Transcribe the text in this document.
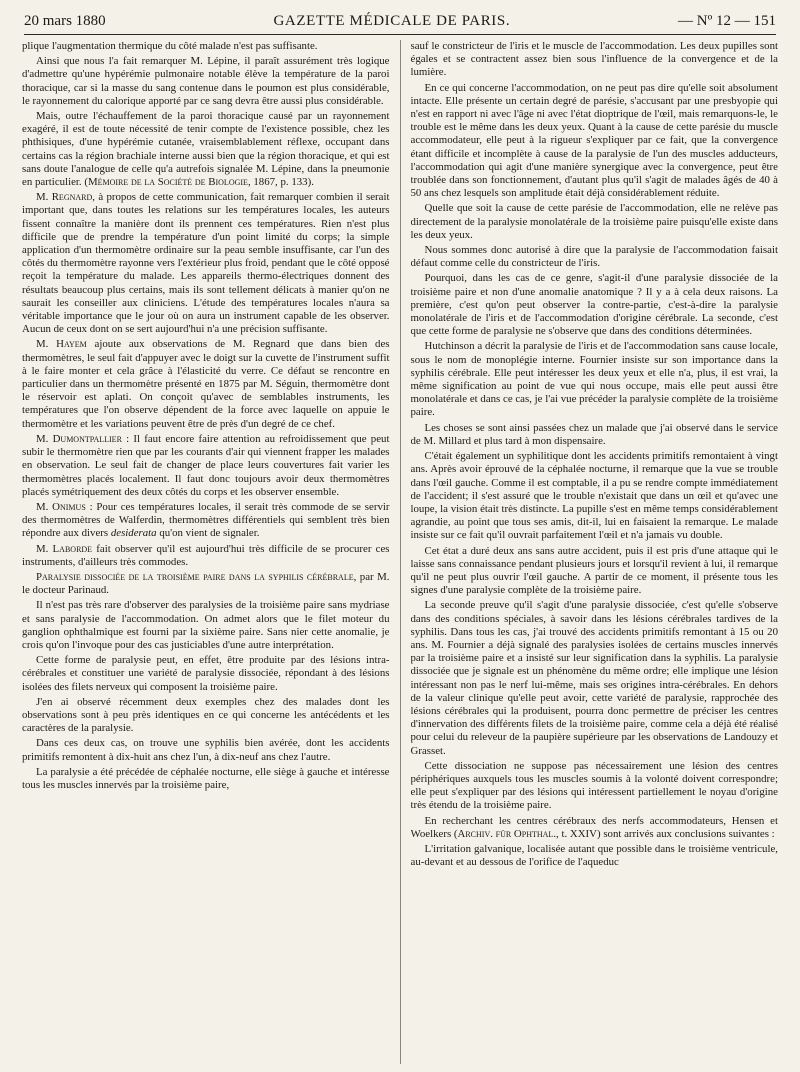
20 mars 1880	GAZETTE MÉDICALE DE PARIS.	— Nº 12 — 151

plique l'augmentation thermique du côté malade n'est pas suffisante.

Ainsi que nous l'a fait remarquer M. Lépine, il paraît assurément très logique d'admettre qu'une hypérémie pulmonaire notable élève la température de la paroi thoracique, car si la masse du sang contenue dans le poumon est plus considérable, le rayonnement du calorique apporté par ce sang devra être aussi plus considérable.

Mais, outre l'échauffement de la paroi thoracique causé par un rayonnement exagéré, il est de toute nécessité de tenir compte de l'existence possible, chez les phthisiques, d'une hypérémie cutanée, vraisemblablement réflexe, occupant dans certains cas la région brachiale interne aussi bien que la région thoracique, et qui est sans doute l'analogue de celle qu'a autrefois signalée M. Lépine, dans la pneumonie en particulier. (Mémoire de la Société de Biologie, 1867, p. 133).

M. Regnard, à propos de cette communication, fait remarquer combien il serait important que, dans toutes les relations sur les températures locales, les auteurs fissent connaître la manière dont ils prennent ces températures. Rien n'est plus difficile que de prendre la température d'un point limité du corps; la simple application d'un thermomètre ordinaire sur la peau semble insuffisante, car l'un des côtés du thermomètre rayonne vers l'extérieur plus froid, pendant que le côté opposé reçoit la température du malade. Les appareils thermo-électriques donnent des résultats beaucoup plus certains, mais ils sont tellement délicats à manier qu'on ne saurait les conseiller aux cliniciens. L'étude des températures locales n'aura sa véritable importance que le jour où on aura un instrument capable de les observer. Aucun de ceux dont on se sert aujourd'hui n'a une précision suffisante.

M. Hayem ajoute aux observations de M. Regnard que dans bien des thermomètres, le seul fait d'appuyer avec le doigt sur la cuvette de l'instrument suffit à le faire monter et cela grâce à l'élasticité du verre. Ce défaut se rencontre en particulier dans un thermomètre présenté en 1875 par M. Séguin, thermomètre dont le réservoir est aplati. On conçoit qu'avec de semblables instruments, les températures que l'on observe dépendent de la force avec laquelle on appuie le thermomètre et les variations peuvent être de près d'un degré de ce chef.

M. Dumontpallier : Il faut encore faire attention au refroidissement que peut subir le thermomètre rien que par les courants d'air qui viennent frapper les malades en observation. Le seul fait de changer de place leurs couvertures fait varier les thermomètres placés localement. Il faut donc toujours avoir deux thermomètres placés symétriquement des deux côtés du corps et les observer ensemble.

M. Onimus : Pour ces températures locales, il serait très commode de se servir des thermomètres de Walferdin, thermomètres différentiels qui semblent très bien répondre aux divers desiderata qu'on vient de signaler.

M. Laborde fait observer qu'il est aujourd'hui très difficile de se procurer ces instruments, d'ailleurs très commodes.

Paralysie dissociée de la troisième paire dans la syphilis cérébrale, par M. le docteur Parinaud.

Il n'est pas très rare d'observer des paralysies de la troisième paire sans mydriase et sans paralysie de l'accommodation. On admet alors que le filet moteur du ganglion ophthalmique est fourni par la sixième paire. Sans nier cette anomalie, je crois qu'on l'invoque pour des cas justiciables d'une autre interprétation.

Cette forme de paralysie peut, en effet, être produite par des lésions intra-cérébrales et constituer une variété de paralysie dissociée, répondant à des lésions isolées des filets nerveux qui composent la troisième paire.

J'en ai observé récemment deux exemples chez des malades dont les observations sont à peu près identiques en ce qui concerne les antécédents et les caractères de la paralysie.

Dans ces deux cas, on trouve une syphilis bien avérée, dont les accidents primitifs remontent à dix-huit ans chez l'un, à dix-neuf ans chez l'autre.

La paralysie a été précédée de céphalée nocturne, elle siège à gauche et intéresse tous les muscles innervés par la troisième paire,

sauf le constricteur de l'iris et le muscle de l'accommodation. Les deux pupilles sont égales et se contractent assez bien sous l'influence de la convergence et de la lumière.

En ce qui concerne l'accommodation, on ne peut pas dire qu'elle soit absolument intacte. Elle présente un certain degré de parésie, s'accusant par une presbyopie qui n'est en rapport ni avec l'âge ni avec l'état dioptrique de l'œil, mais remarquons-le, le trouble est le même dans les deux yeux. Quant à la cause de cette parésie du muscle accommodateur, elle peut à la rigueur s'expliquer par ce fait, que la convergence étant difficile et incomplète à cause de la paralysie de l'un des muscles adducteurs, l'accommodation qui agit d'une manière synergique avec la convergence, peut être troublée dans son fonctionnement, d'autant plus qu'il s'agit de malades âgés de 40 à 50 ans chez lesquels son amplitude était déjà considérablement réduite.

Quelle que soit la cause de cette parésie de l'accommodation, elle ne relève pas directement de la paralysie monolatérale de la troisième paire puisqu'elle existe dans les deux yeux.

Nous sommes donc autorisé à dire que la paralysie de l'accommodation faisait défaut comme celle du constricteur de l'iris.

Pourquoi, dans les cas de ce genre, s'agit-il d'une paralysie dissociée de la troisième paire et non d'une anomalie anatomique ? Il y a à cela deux raisons. La première, c'est qu'on peut observer la contre-partie, c'est-à-dire la paralysie monolatérale de l'iris et de l'accommodation d'origine cérébrale. La seconde, c'est que cette forme de paralysie ne s'observe que dans des conditions déterminées.

Hutchinson a décrit la paralysie de l'iris et de l'accommodation sans cause locale, sous le nom de monoplégie interne. Fournier insiste sur son importance dans la syphilis cérébrale. Elle peut intéresser les deux yeux et elle n'a, plus, il est vrai, la même signification au point de vue qui nous occupe, mais elle peut aussi être monolatérale et dans ce cas, je l'ai vue précéder la paralysie complète de la troisième paire.

Les choses se sont ainsi passées chez un malade que j'ai observé dans le service de M. Millard et plus tard à mon dispensaire.

C'était également un syphilitique dont les accidents primitifs remontaient à vingt ans. Après avoir éprouvé de la céphalée nocturne, il remarque que la vue se trouble dans l'œil gauche. Comme il est comptable, il a pu se rendre compte immédiatement de l'accident; il s'est assuré que le trouble n'existait que dans un œil et qu'avec une loupe, la vision était très distincte. La pupille s'est en même temps considérablement agrandie, au point que tous ses amis, dit-il, lui en faisaient la remarque. Le malade insiste sur ce fait qu'il ouvrait parfaitement l'œil et n'a jamais vu double.

Cet état a duré deux ans sans autre accident, puis il est pris d'une attaque qui le laisse sans connaissance pendant plusieurs jours et lorsqu'il revient à lui, il remarque qu'il ne peut plus ouvrir l'œil gauche. A partir de ce moment, il présente tous les signes d'une paralysie complète de la troisième paire.

La seconde preuve qu'il s'agit d'une paralysie dissociée, c'est qu'elle s'observe dans des conditions spéciales, à savoir dans les lésions cérébrales tardives de la syphilis. Dans tous les cas, j'ai trouvé des accidents primitifs remontant à 15 ou 20 ans. M. Fournier a déjà signalé des paralysies isolées de certains muscles innervés par la troisième paire et a insisté sur leur signification dans la syphilis. La paralysie dissociée que je signale est un phénomène du même ordre; elle implique une lésion intéressant non pas le nerf lui-même, mais ses origines intra-cérébrales. En dehors de la valeur clinique qu'elle peut avoir, cette variété de paralysie, rapprochée des lésions cérébrales qui la produisent, pourra donc permettre de préciser les centres d'innervation des différents filets de la troisième paire, comme cela a déjà été réalisé pour celui du releveur de la paupière supérieure par les observations de Landouzy et Grasset.

Cette dissociation ne suppose pas nécessairement une lésion des centres périphériques auxquels tous les muscles soumis à la volonté doivent correspondre; elle peut s'expliquer par des lésions qui intéressent partiellement le noyau d'origine très étendu de la troisième paire.

En recherchant les centres cérébraux des nerfs accommodateurs, Hensen et Woelkers (Archiv. für Ophthal., t. XXIV) sont arrivés aux conclusions suivantes :

L'irritation galvanique, localisée autant que possible dans le troisième ventricule, au-devant et au dessous de l'orifice de l'aqueduc
